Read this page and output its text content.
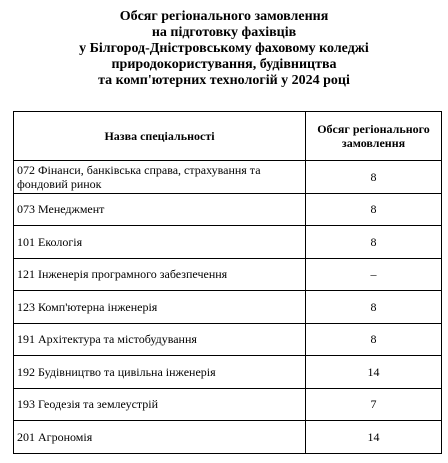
Обсяг регіонального замовлення
на підготовку фахівців
у Білгород-Дністровському фаховому коледжі
природокористування, будівництва
та комп'ютерних технологій у 2024 році
Назва спеціальності	Обсяг регіонального замовлення
072 Фінанси, банківська справа, страхування та фондовий ринок	8
073 Менеджмент	8
101 Екологія	8
121 Інженерія програмного забезпечення	–
123 Комп'ютерна інженерія	8
191 Архітектура та містобудування	8
192 Будівництво та цивільна інженерія	14
193 Геодезія та землеустрій	7
201 Агрономія	14
